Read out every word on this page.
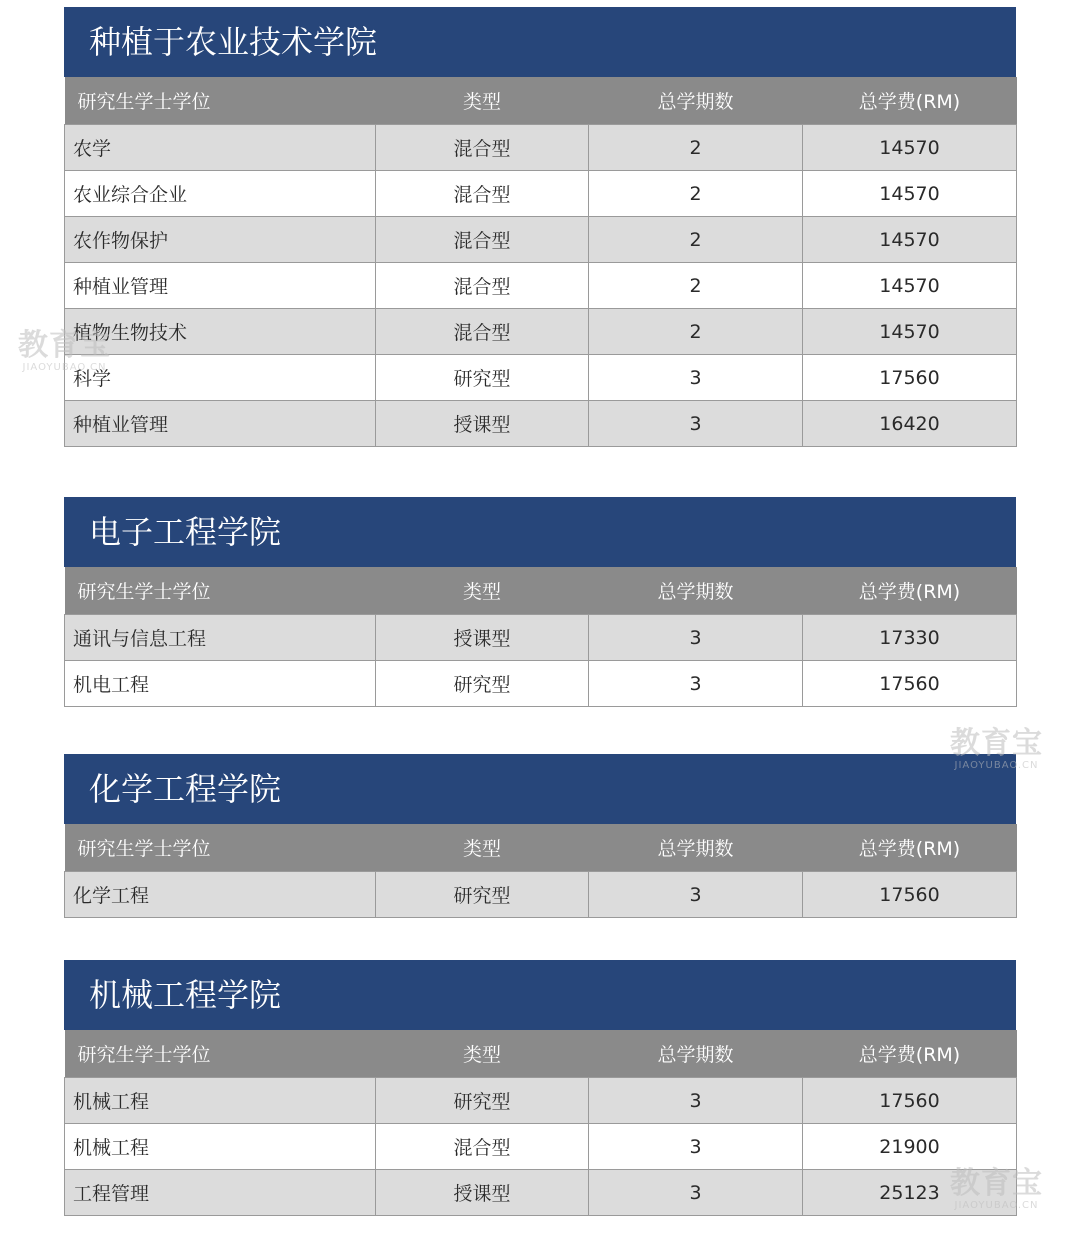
种植于农业技术学院
研究生学士学位	类型	总学期数	总学费(RM)
农学	混合型	2	14570
农业综合企业	混合型	2	14570
农作物保护	混合型	2	14570
种植业管理	混合型	2	14570
植物生物技术	混合型	2	14570
科学	研究型	3	17560
种植业管理	授课型	3	16420
电子工程学院
研究生学士学位	类型	总学期数	总学费(RM)
通讯与信息工程	授课型	3	17330
机电工程	研究型	3	17560
化学工程学院
研究生学士学位	类型	总学期数	总学费(RM)
化学工程	研究型	3	17560
机械工程学院
研究生学士学位	类型	总学期数	总学费(RM)
机械工程	研究型	3	17560
机械工程	混合型	3	21900
工程管理	授课型	3	25123
教育宝
JIAOYUBAO.CN
教育宝
JIAOYUBAO.CN
教育宝
JIAOYUBAO.CN
